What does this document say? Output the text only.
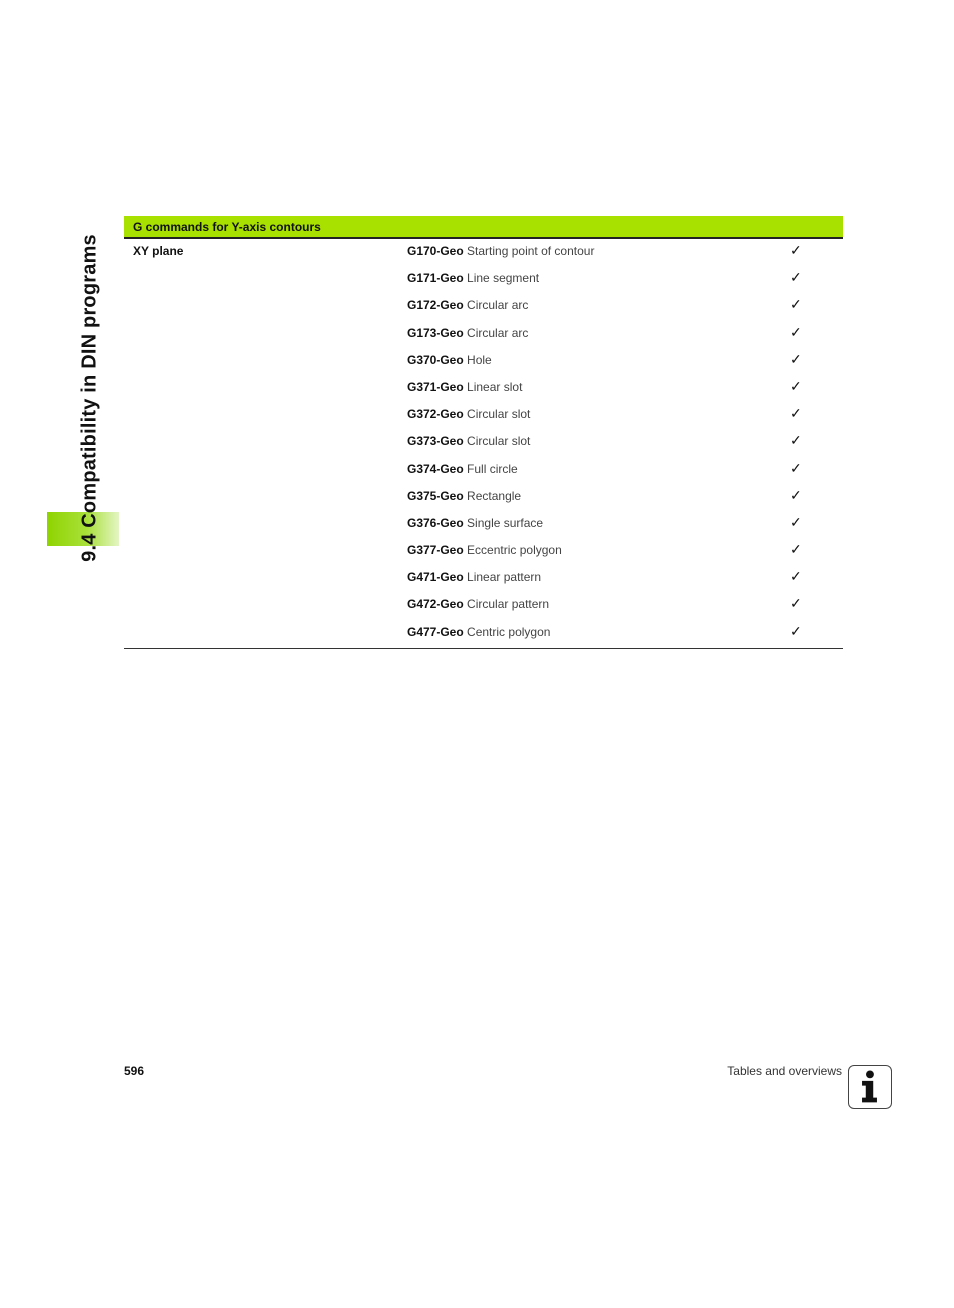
9.4 Compatibility in DIN programs
G commands for Y-axis contours
XY plane	G170-Geo Starting point of contour	✓
G171-Geo Line segment	✓
G172-Geo Circular arc	✓
G173-Geo Circular arc	✓
G370-Geo Hole	✓
G371-Geo Linear slot	✓
G372-Geo Circular slot	✓
G373-Geo Circular slot	✓
G374-Geo Full circle	✓
G375-Geo Rectangle	✓
G376-Geo Single surface	✓
G377-Geo Eccentric polygon	✓
G471-Geo Linear pattern	✓
G472-Geo Circular pattern	✓
G477-Geo Centric polygon	✓
596	Tables and overviews
